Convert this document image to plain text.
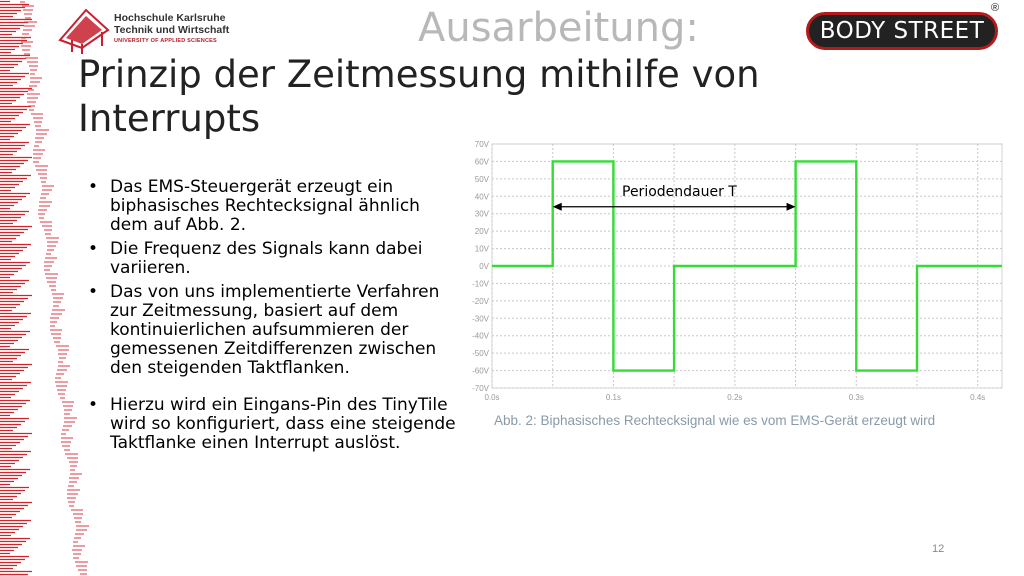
Hochschule Karlsruhe
Technik und Wirtschaft
UNIVERSITY OF APPLIED SCIENCES	Ausarbeitung:
Prinzip der Zeitmessung mithilfe von Interrupts
BODY STREET
®
• Das EMS-Steuergerät erzeugt ein biphasisches Rechtecksignal ähnlich dem auf Abb. 2.
• Die Frequenz des Signals kann dabei variieren.
• Das von uns implementierte Verfahren zur Zeitmessung, basiert auf dem kontinuierlichen aufsummieren der gemessenen Zeitdifferenzen zwischen den steigenden Taktflanken.
• Hierzu wird ein Eingans-Pin des TinyTile wird so konfiguriert, dass eine steigende Taktflanke einen Interrupt auslöst.
70V
60V
50V
40V
30V
20V
10V
0V
-10V
-20V
-30V
-40V
-50V
-60V
-70V
0.0s	0.1s	0.2s	0.3s	0.4s
Periodendauer T
Abb. 2: Biphasisches Rechtecksignal wie es vom EMS-Gerät erzeugt wird
12
